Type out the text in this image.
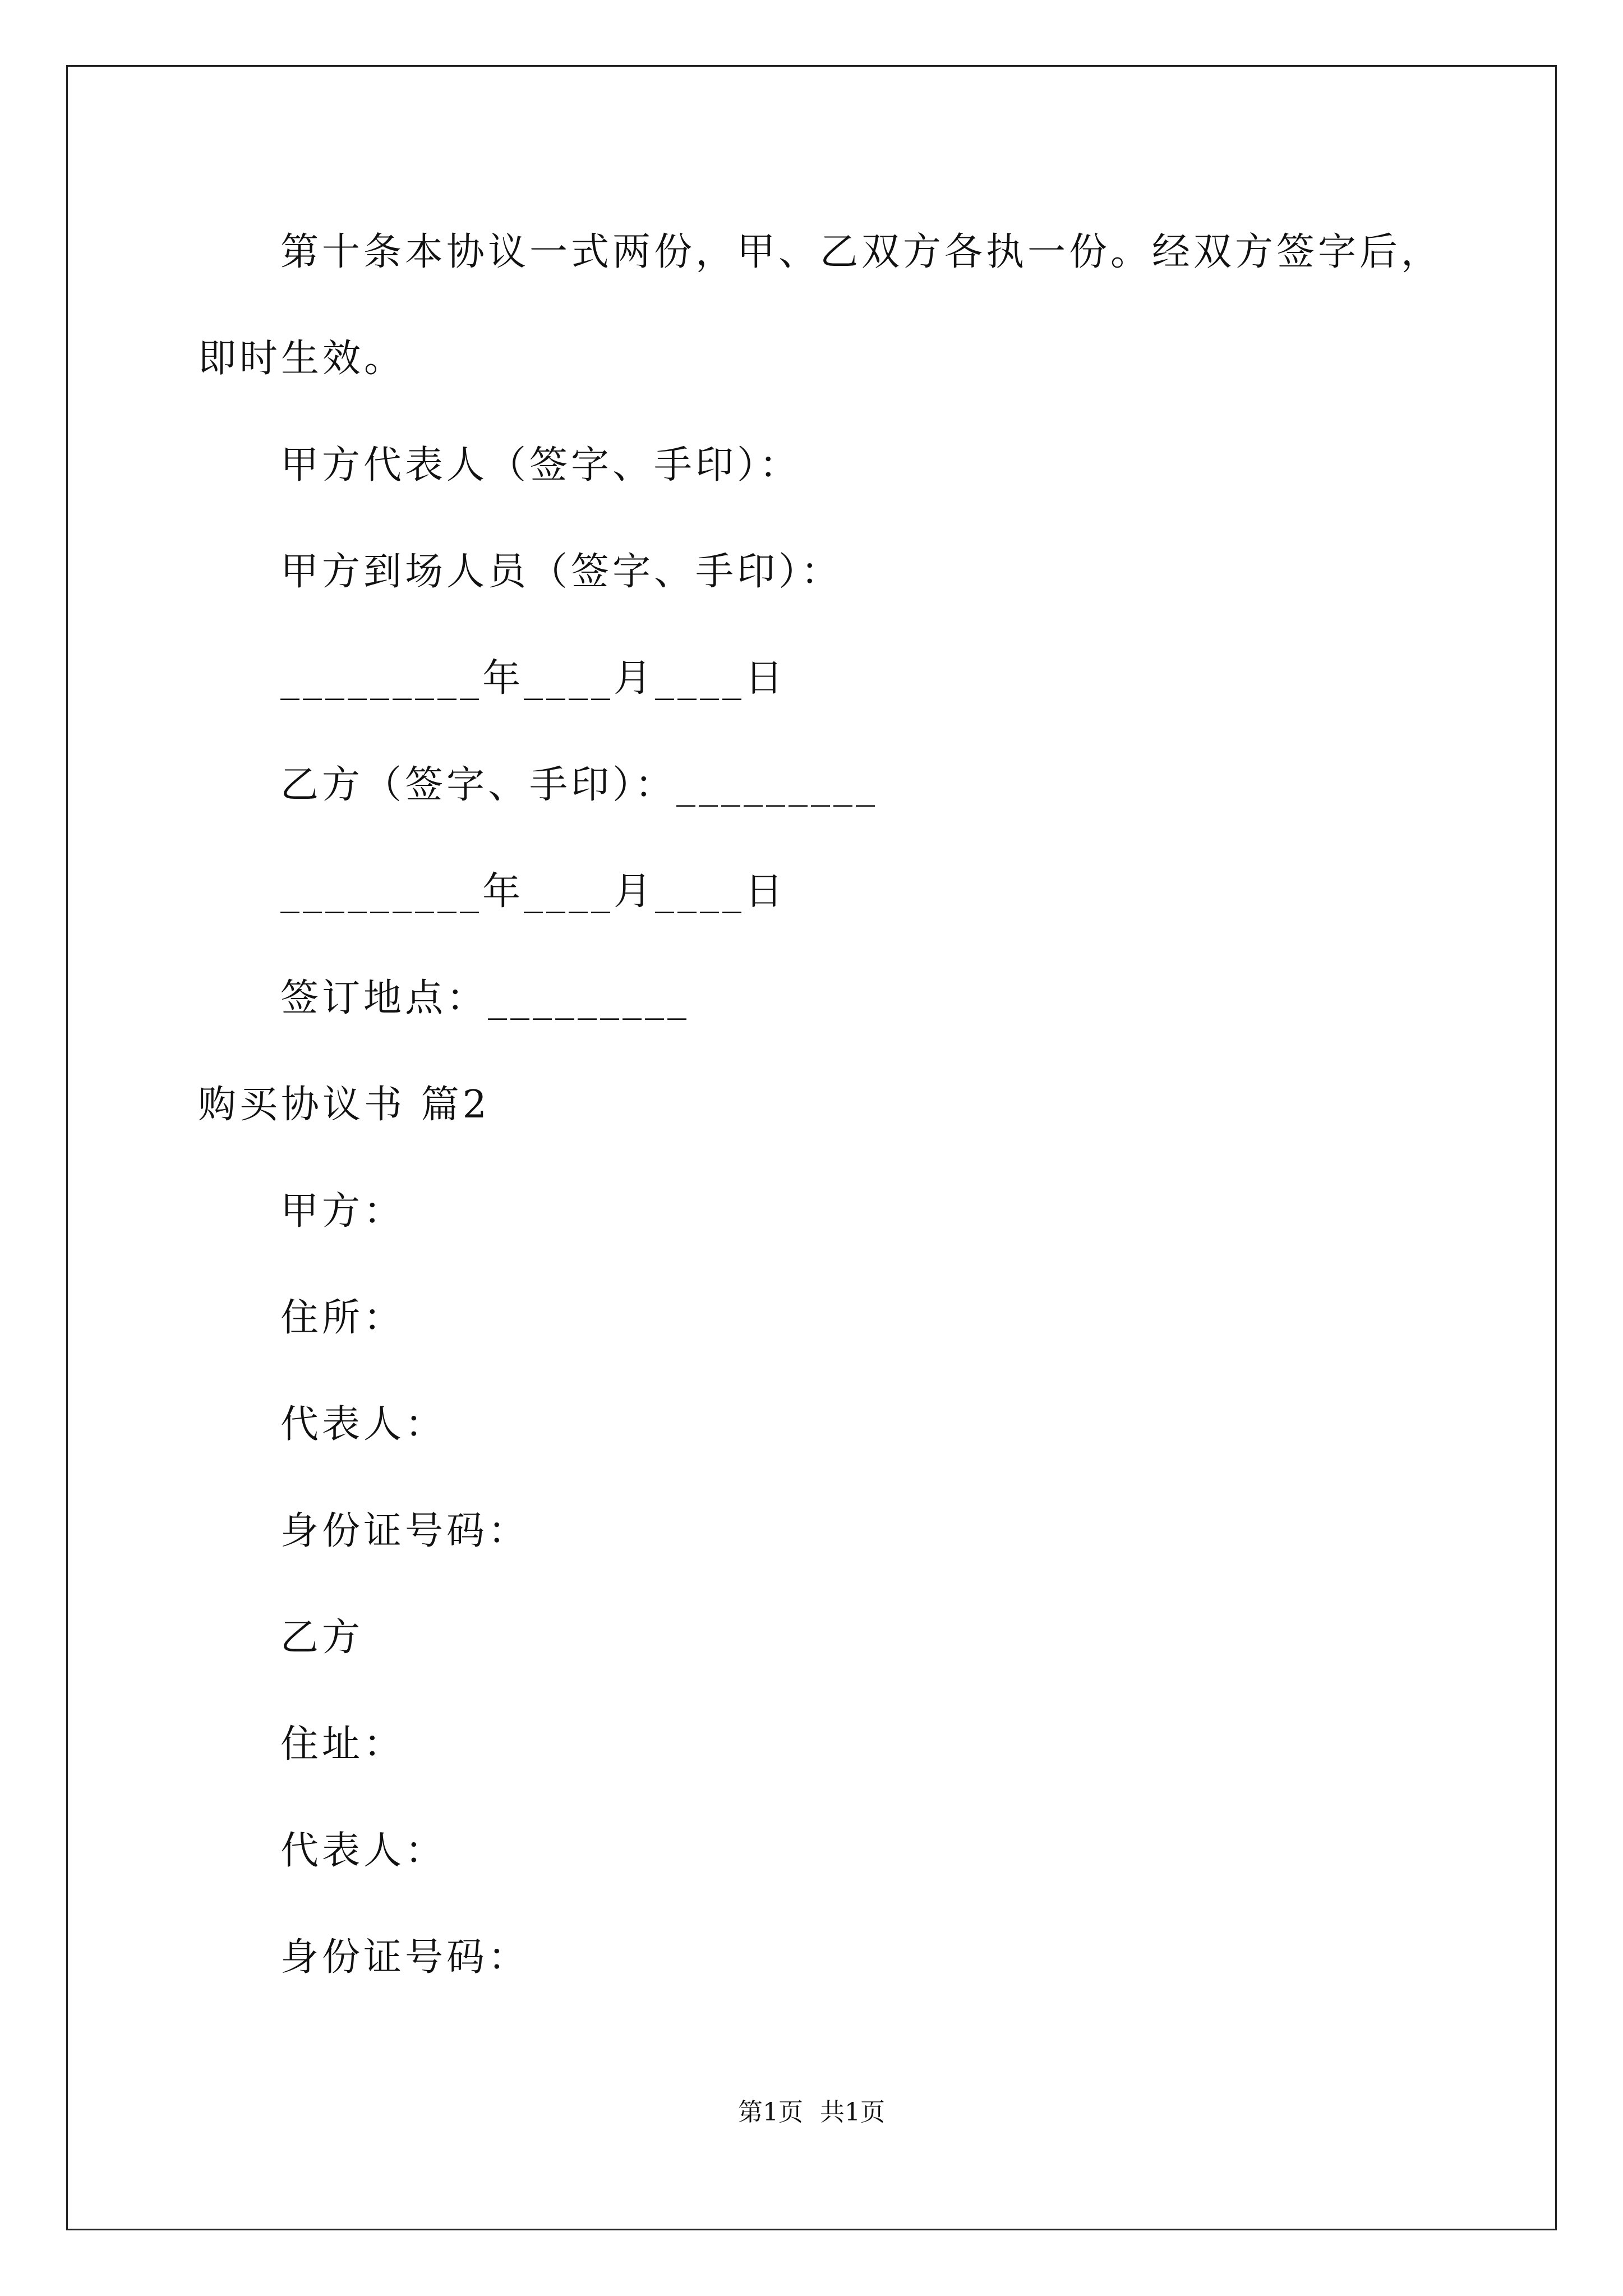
第十条本协议一式两份，甲、乙双方各执一份。经双方签字后，
即时生效。
甲方代表人（签字、手印）：
甲方到场人员（签字、手印）：
_________年____月____日
乙方（签字、手印）：_________
_________年____月____日
签订地点：_________
购买协议书 篇2
甲方：
住所：
代表人：
身份证号码：
乙方
住址：
代表人：
身份证号码：
第1页 共1页
